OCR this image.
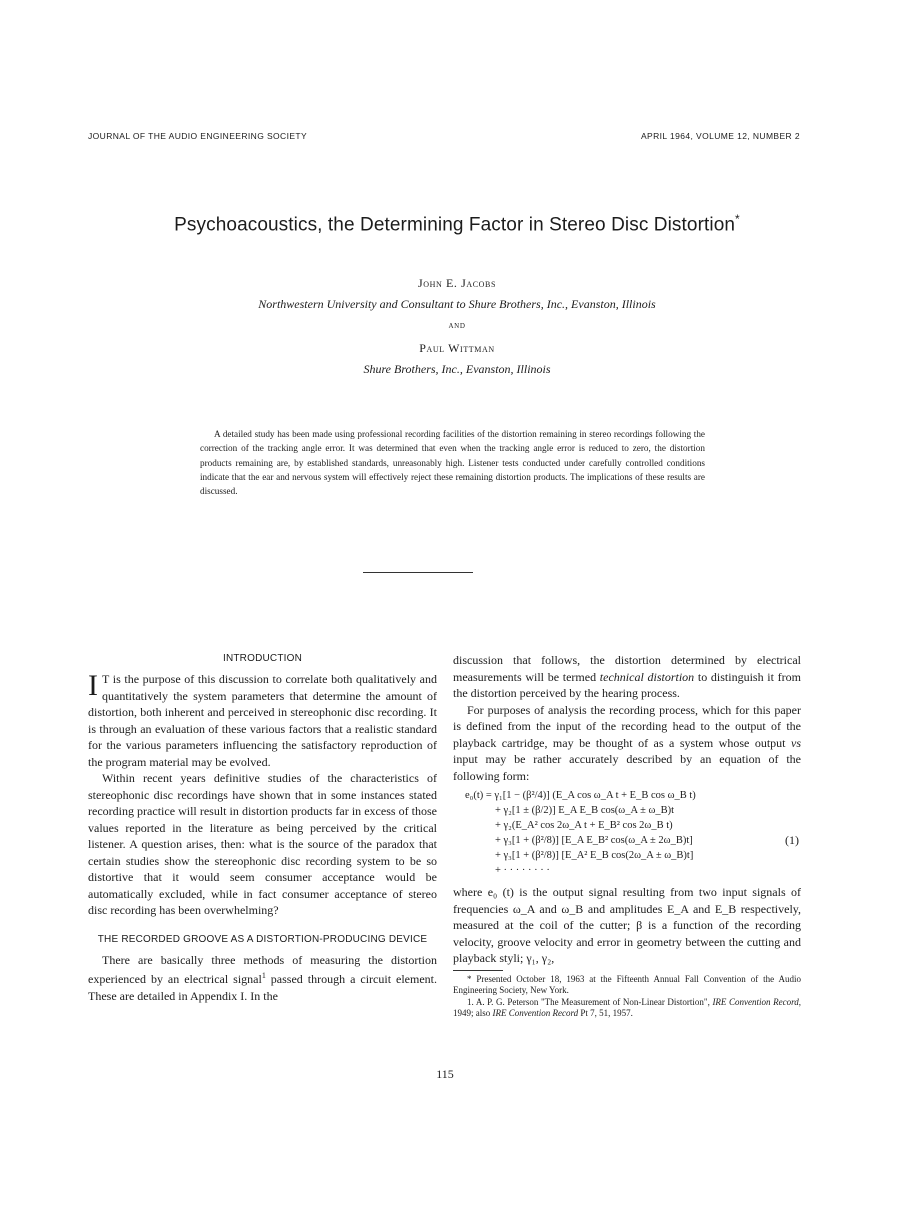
JOURNAL OF THE AUDIO ENGINEERING SOCIETY	APRIL 1964, VOLUME 12, NUMBER 2
Psychoacoustics, the Determining Factor in Stereo Disc Distortion*
John E. Jacobs
Northwestern University and Consultant to Shure Brothers, Inc., Evanston, Illinois
and
Paul Wittman
Shure Brothers, Inc., Evanston, Illinois

A detailed study has been made using professional recording facilities of the distortion remaining in stereo recordings following the correction of the tracking angle error. It was determined that even when the tracking angle error is reduced to zero, the distortion products remaining are, by established standards, unreasonably high. Listener tests conducted under carefully controlled conditions indicate that the ear and nervous system will effectively reject these remaining distortion products. The implications of these results are discussed.

INTRODUCTION

I T is the purpose of this discussion to correlate both qualitatively and quantitatively the system parameters that determine the amount of distortion, both inherent and perceived in stereophonic disc recording. It is through an evaluation of these various factors that a realistic standard for the various parameters influencing the satisfactory reproduction of the program material may be evolved.

Within recent years definitive studies of the characteristics of stereophonic disc recordings have shown that in some instances stated recording practice will result in distortion products far in excess of those values reported in the literature as being perceived by the critical listener. A question arises, then: what is the source of the paradox that certain studies show the stereophonic disc recording system to be so distortive that it would seem consumer acceptance would be automatically excluded, while in fact consumer acceptance of stereo disc recording has been overwhelming?

THE RECORDED GROOVE AS A DISTORTION-PRODUCING DEVICE

There are basically three methods of measuring the distortion experienced by an electrical signal$^1$ passed through a circuit element. These are detailed in Appendix I. In the

discussion that follows, the distortion determined by electrical measurements will be termed technical distortion to distinguish it from the distortion perceived by the hearing process.

For purposes of analysis the recording process, which for this paper is defined from the input of the recording head to the output of the playback cartridge, may be thought of as a system whose output vs input may be rather accurately described by an equation of the following form:

e₀(t) = γ₁[1 − (β²/4)] (E_A cos ω_A t + E_B cos ω_B t)
+ γ₂[1 ± (β/2)] E_A E_B cos(ω_A ± ω_B)t
+ γ₂(E_A² cos 2ω_A t + E_B² cos 2ω_B t)
+ γ₃[1 + (β²/8)] [E_A E_B² cos(ω_A ± 2ω_B)t]
+ γ₃[1 + (β²/8)] [E_A² E_B cos(2ω_A ± ω_B)t]
+ · · · · · · · ·
(1)

where e₀ (t) is the output signal resulting from two input signals of frequencies ω_A and ω_B and amplitudes E_A and E_B respectively, measured at the coil of the cutter; β is a function of the recording velocity, groove velocity and error in geometry between the cutting and playback styli; γ₁, γ₂,

* Presented October 18, 1963 at the Fifteenth Annual Fall Convention of the Audio Engineering Society, New York.

1. A. P. G. Peterson "The Measurement of Non-Linear Distortion", IRE Convention Record, 1949; also IRE Convention Record Pt 7, 51, 1957.

115
